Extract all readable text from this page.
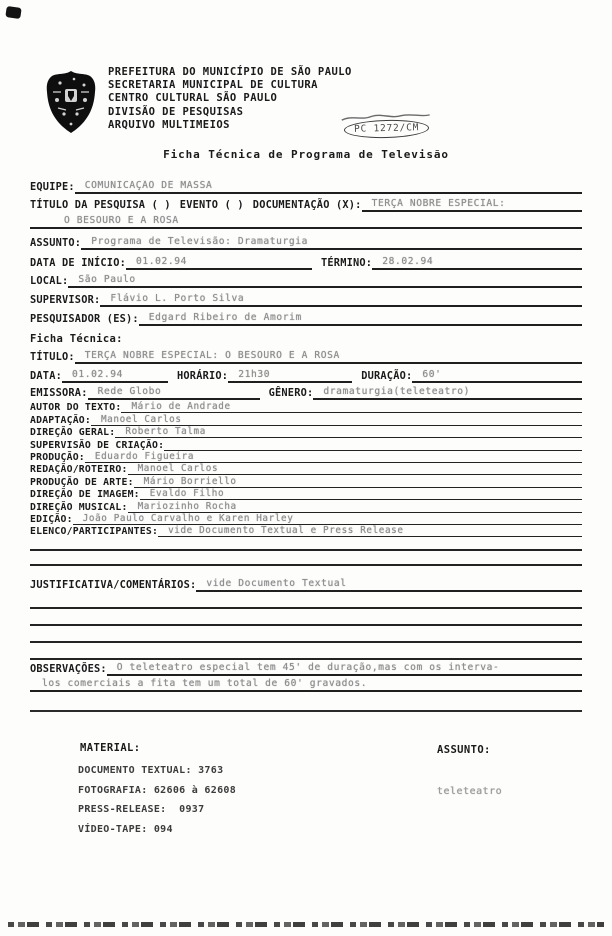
PREFEITURA DO MUNICÍPIO DE SÃO PAULO
SECRETARIA MUNICIPAL DE CULTURA
CENTRO CULTURAL SÃO PAULO
DIVISÃO DE PESQUISAS
ARQUIVO MULTIMEIOS	PC 1272/CM
Ficha Técnica de Programa de Televisão
EQUIPE:	COMUNICAÇÃO DE MASSA
TÍTULO DA PESQUISA ( ) EVENTO ( ) DOCUMENTAÇÃO (X):	TERÇA NOBRE ESPECIAL:
O BESOURO E A ROSA
ASSUNTO:	Programa de Televisão: Dramaturgia
DATA DE INÍCIO:	01.02.94	TÉRMINO:	28.02.94
LOCAL:	São Paulo
SUPERVISOR:	Flávio L. Porto Silva
PESQUISADOR (ES):	Edgard Ribeiro de Amorim
Ficha Técnica:
TÍTULO:	TERÇA NOBRE ESPECIAL: O BESOURO E A ROSA
DATA:	01.02.94	HORÁRIO:	21h30	DURAÇÃO:	60'
EMISSORA:	Rede Globo	GÊNERO:	dramaturgia(teleteatro)
AUTOR DO TEXTO:	Mário de Andrade
ADAPTAÇÃO:	Manoel Carlos
DIREÇÃO GERAL:	Roberto Talma
SUPERVISÃO DE CRIAÇÃO:
PRODUÇÃO:	Eduardo Figueira
REDAÇÃO/ROTEIRO:	Manoel Carlos
PRODUÇÃO DE ARTE:	Mário Borriello
DIREÇÃO DE IMAGEM:	Evaldo Filho
DIREÇÃO MUSICAL:	Mariozinho Rocha
EDIÇÃO:	João Paulo Carvalho e Karen Harley
ELENCO/PARTICIPANTES:	vide Documento Textual e Press Release
JUSTIFICATIVA/COMENTÁRIOS:	vide Documento Textual
OBSERVAÇÕES:	O teleteatro especial tem 45' de duração,mas com os interva-
los comerciais a fita tem um total de 60' gravados.
MATERIAL:
DOCUMENTO TEXTUAL: 3763
FOTOGRAFIA: 62606 à 62608
PRESS-RELEASE: 0937
VÍDEO-TAPE: 094
ASSUNTO:
teleteatro
